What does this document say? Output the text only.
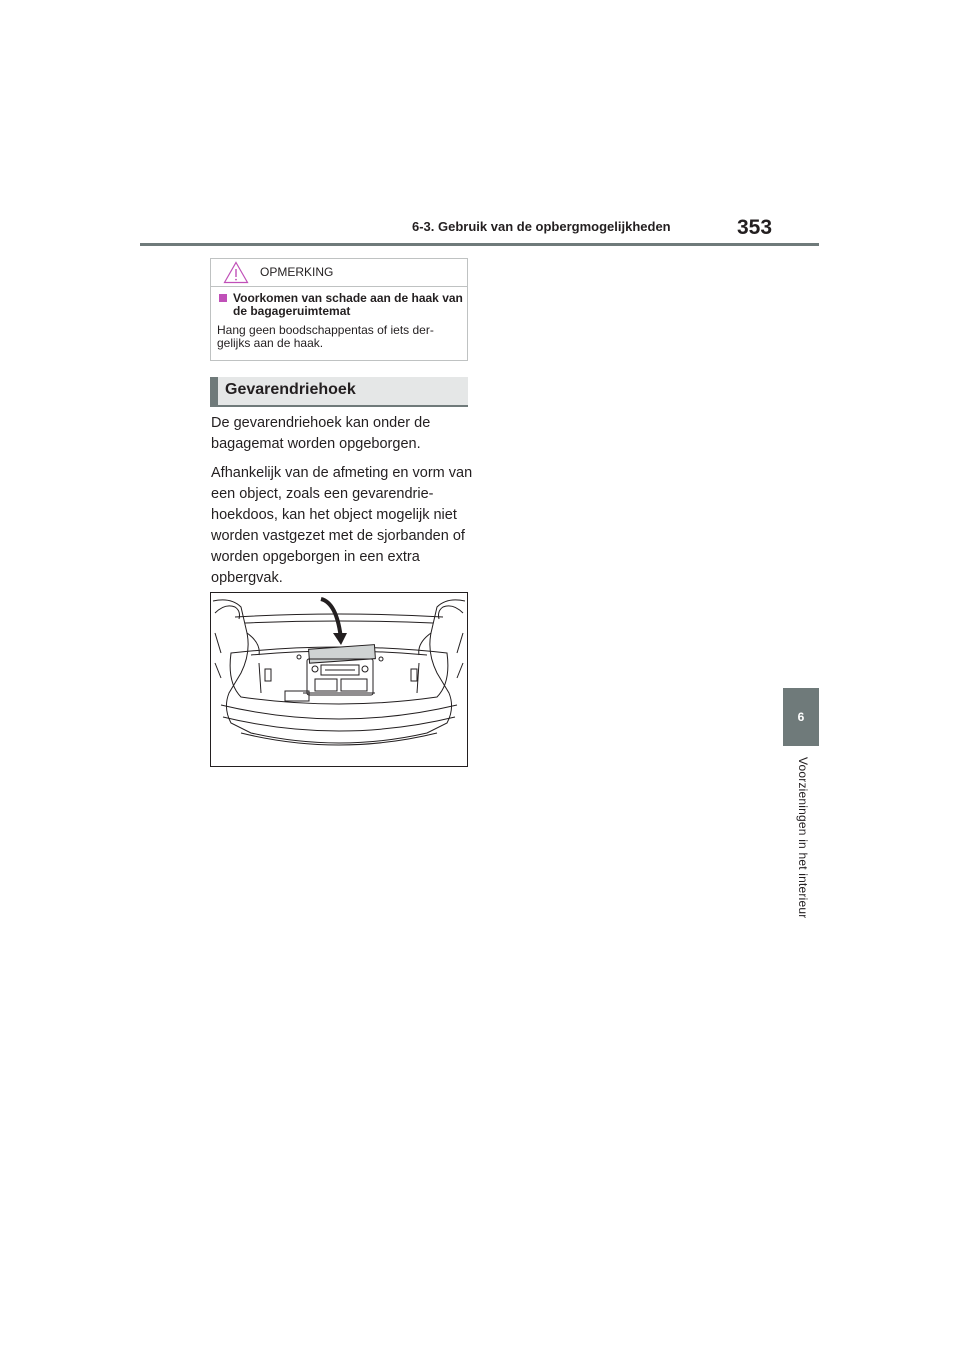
6-3. Gebruik van de opbergmogelijkheden	353
6
Voorzieningen in het interieur
OPMERKING
Voorkomen van schade aan de haak van de bagageruimtemat
Hang geen boodschappentas of iets der-gelijks aan de haak.
Gevarendriehoek

De gevarendriehoek kan onder de bagagemat worden opgeborgen.

Afhankelijk van de afmeting en vorm van een object, zoals een gevarendrie-hoekdoos, kan het object mogelijk niet worden vastgezet met de sjorbanden of worden opgeborgen in een extra opbergvak.
